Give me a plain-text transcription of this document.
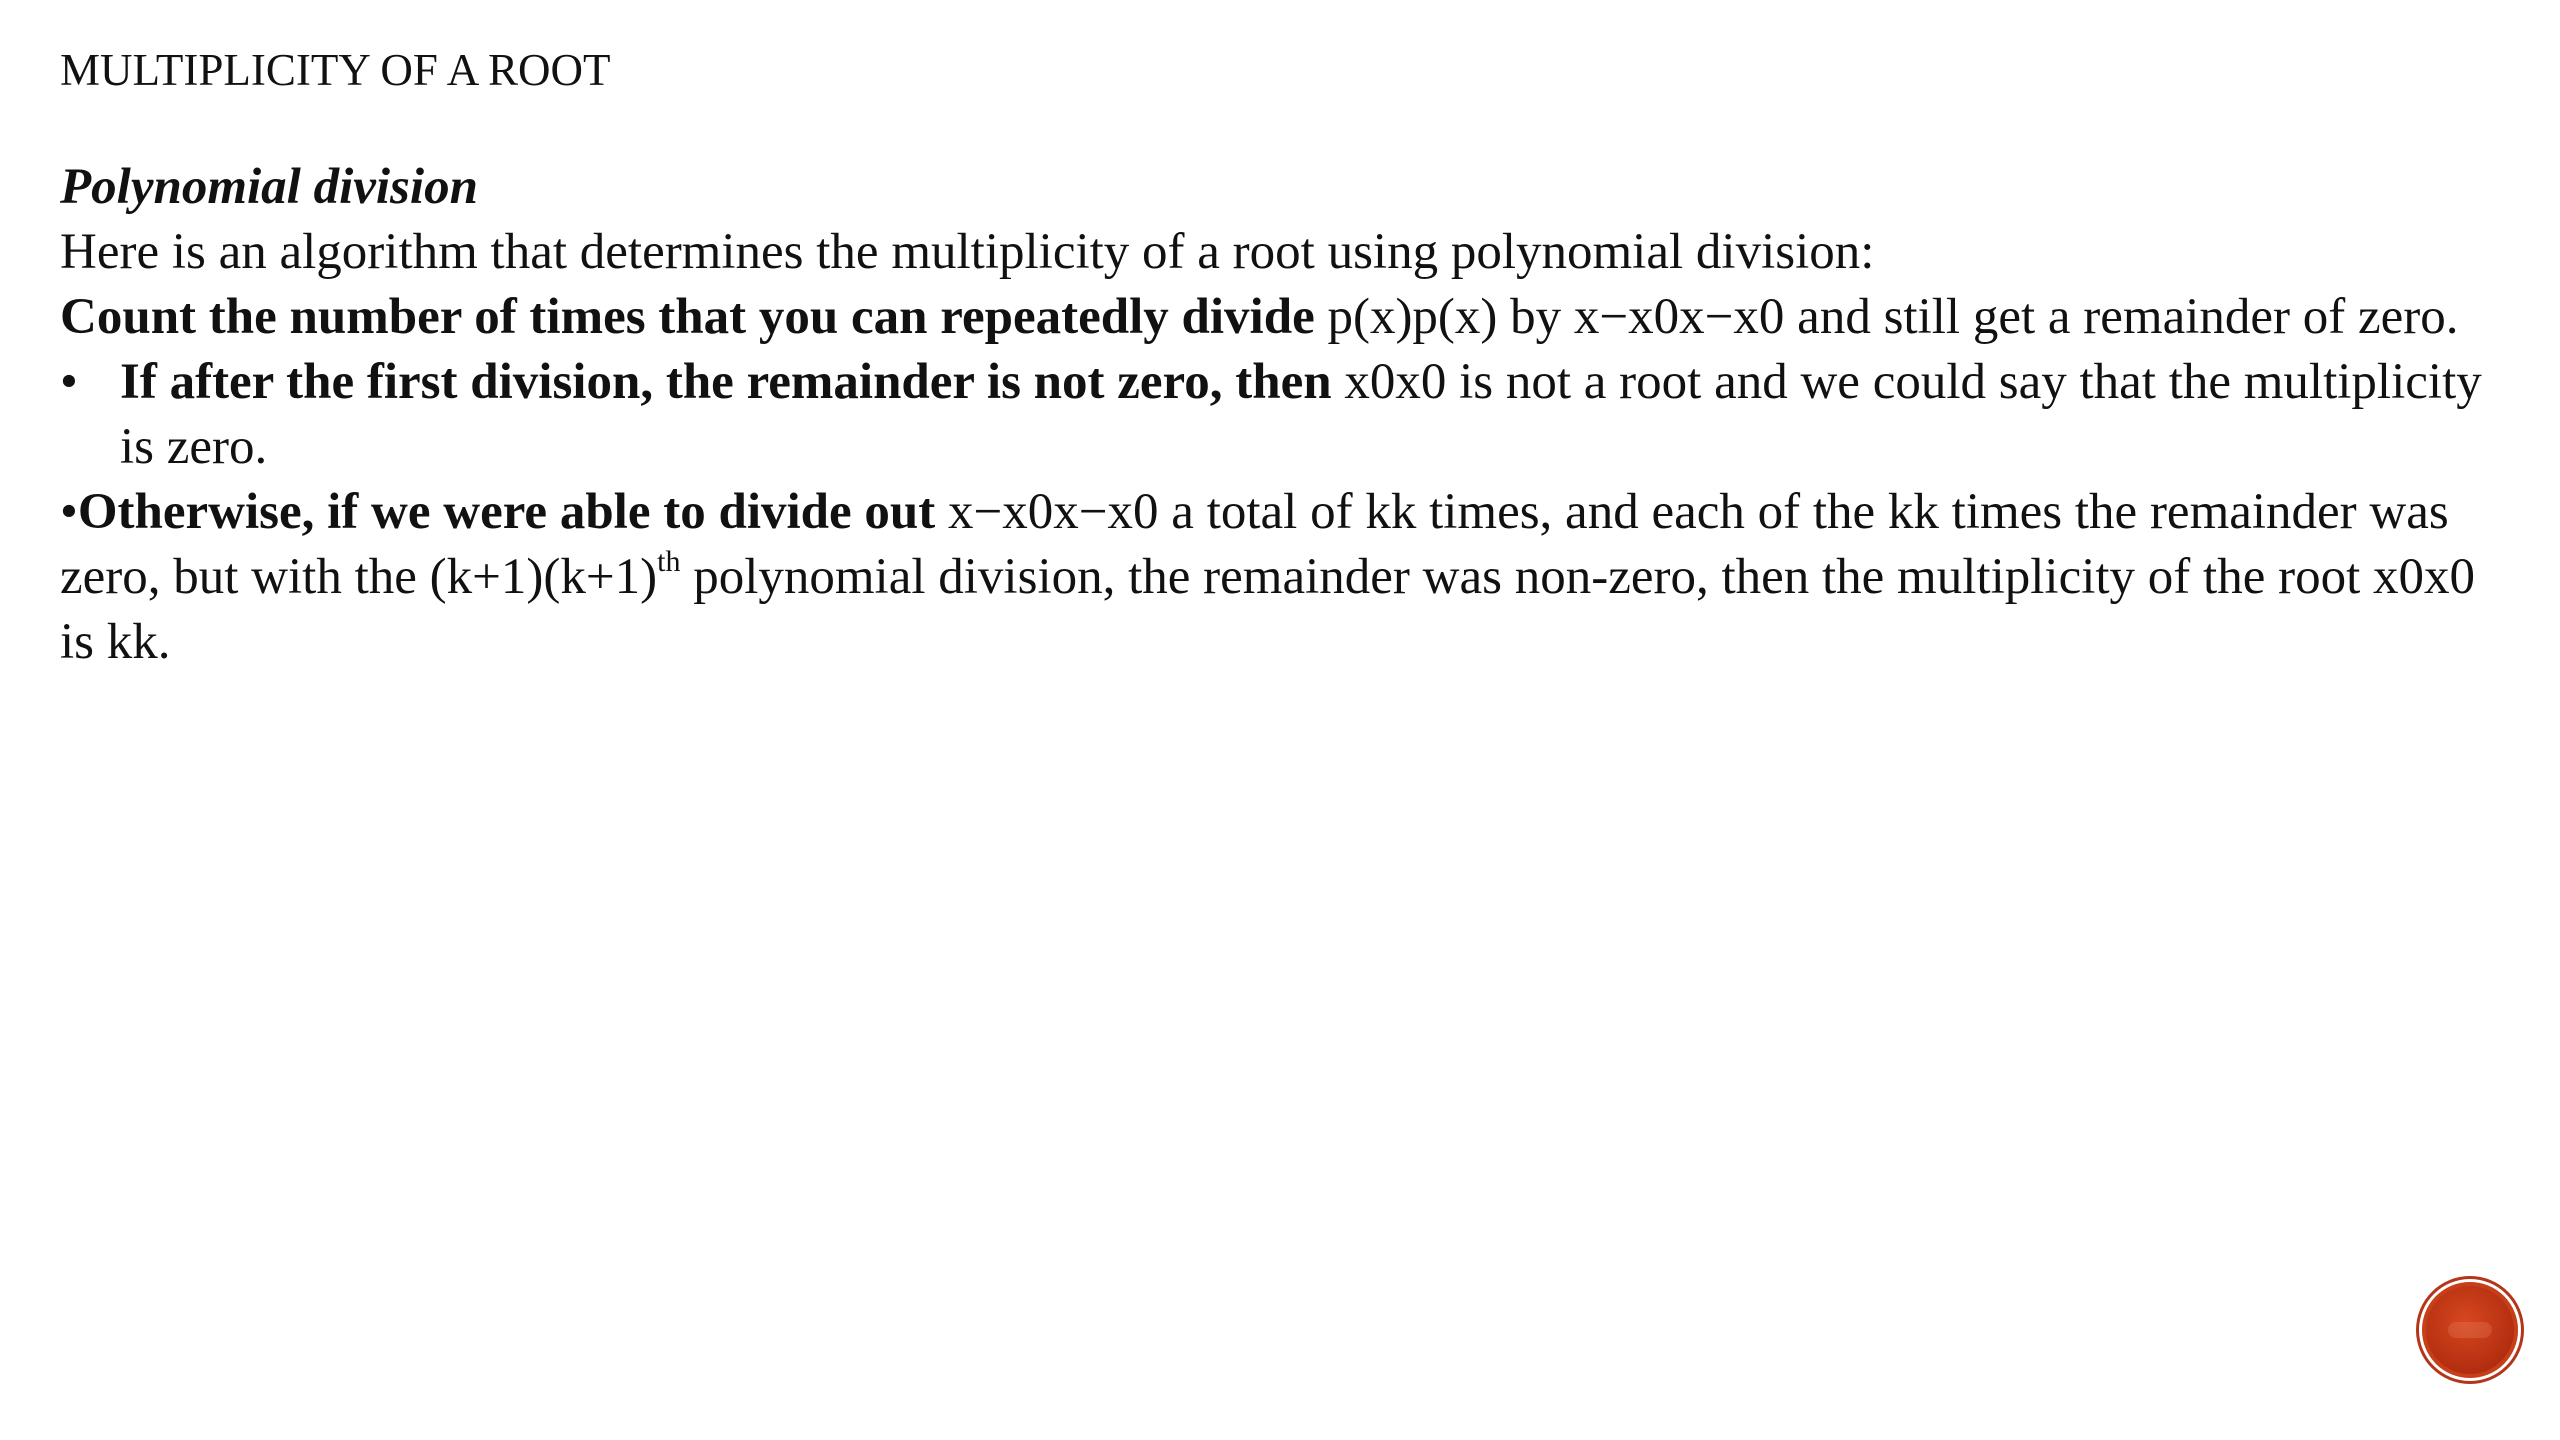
MULTIPLICITY OF A ROOT

Polynomial division

Here is an algorithm that determines the multiplicity of a root using polynomial division:

Count the number of times that you can repeatedly divide p(x)p(x) by x−x0x−x0 and still get a remainder of zero.

• If after the first division, the remainder is not zero, then x0x0 is not a root and we could say that the multiplicity is zero.

•Otherwise, if we were able to divide out x−x0x−x0 a total of kk times, and each of the kk times the remainder was zero, but with the $(k+1)(k+1)^{th}$ polynomial division, the remainder was non-zero, then the multiplicity of the root x0x0 is kk.
